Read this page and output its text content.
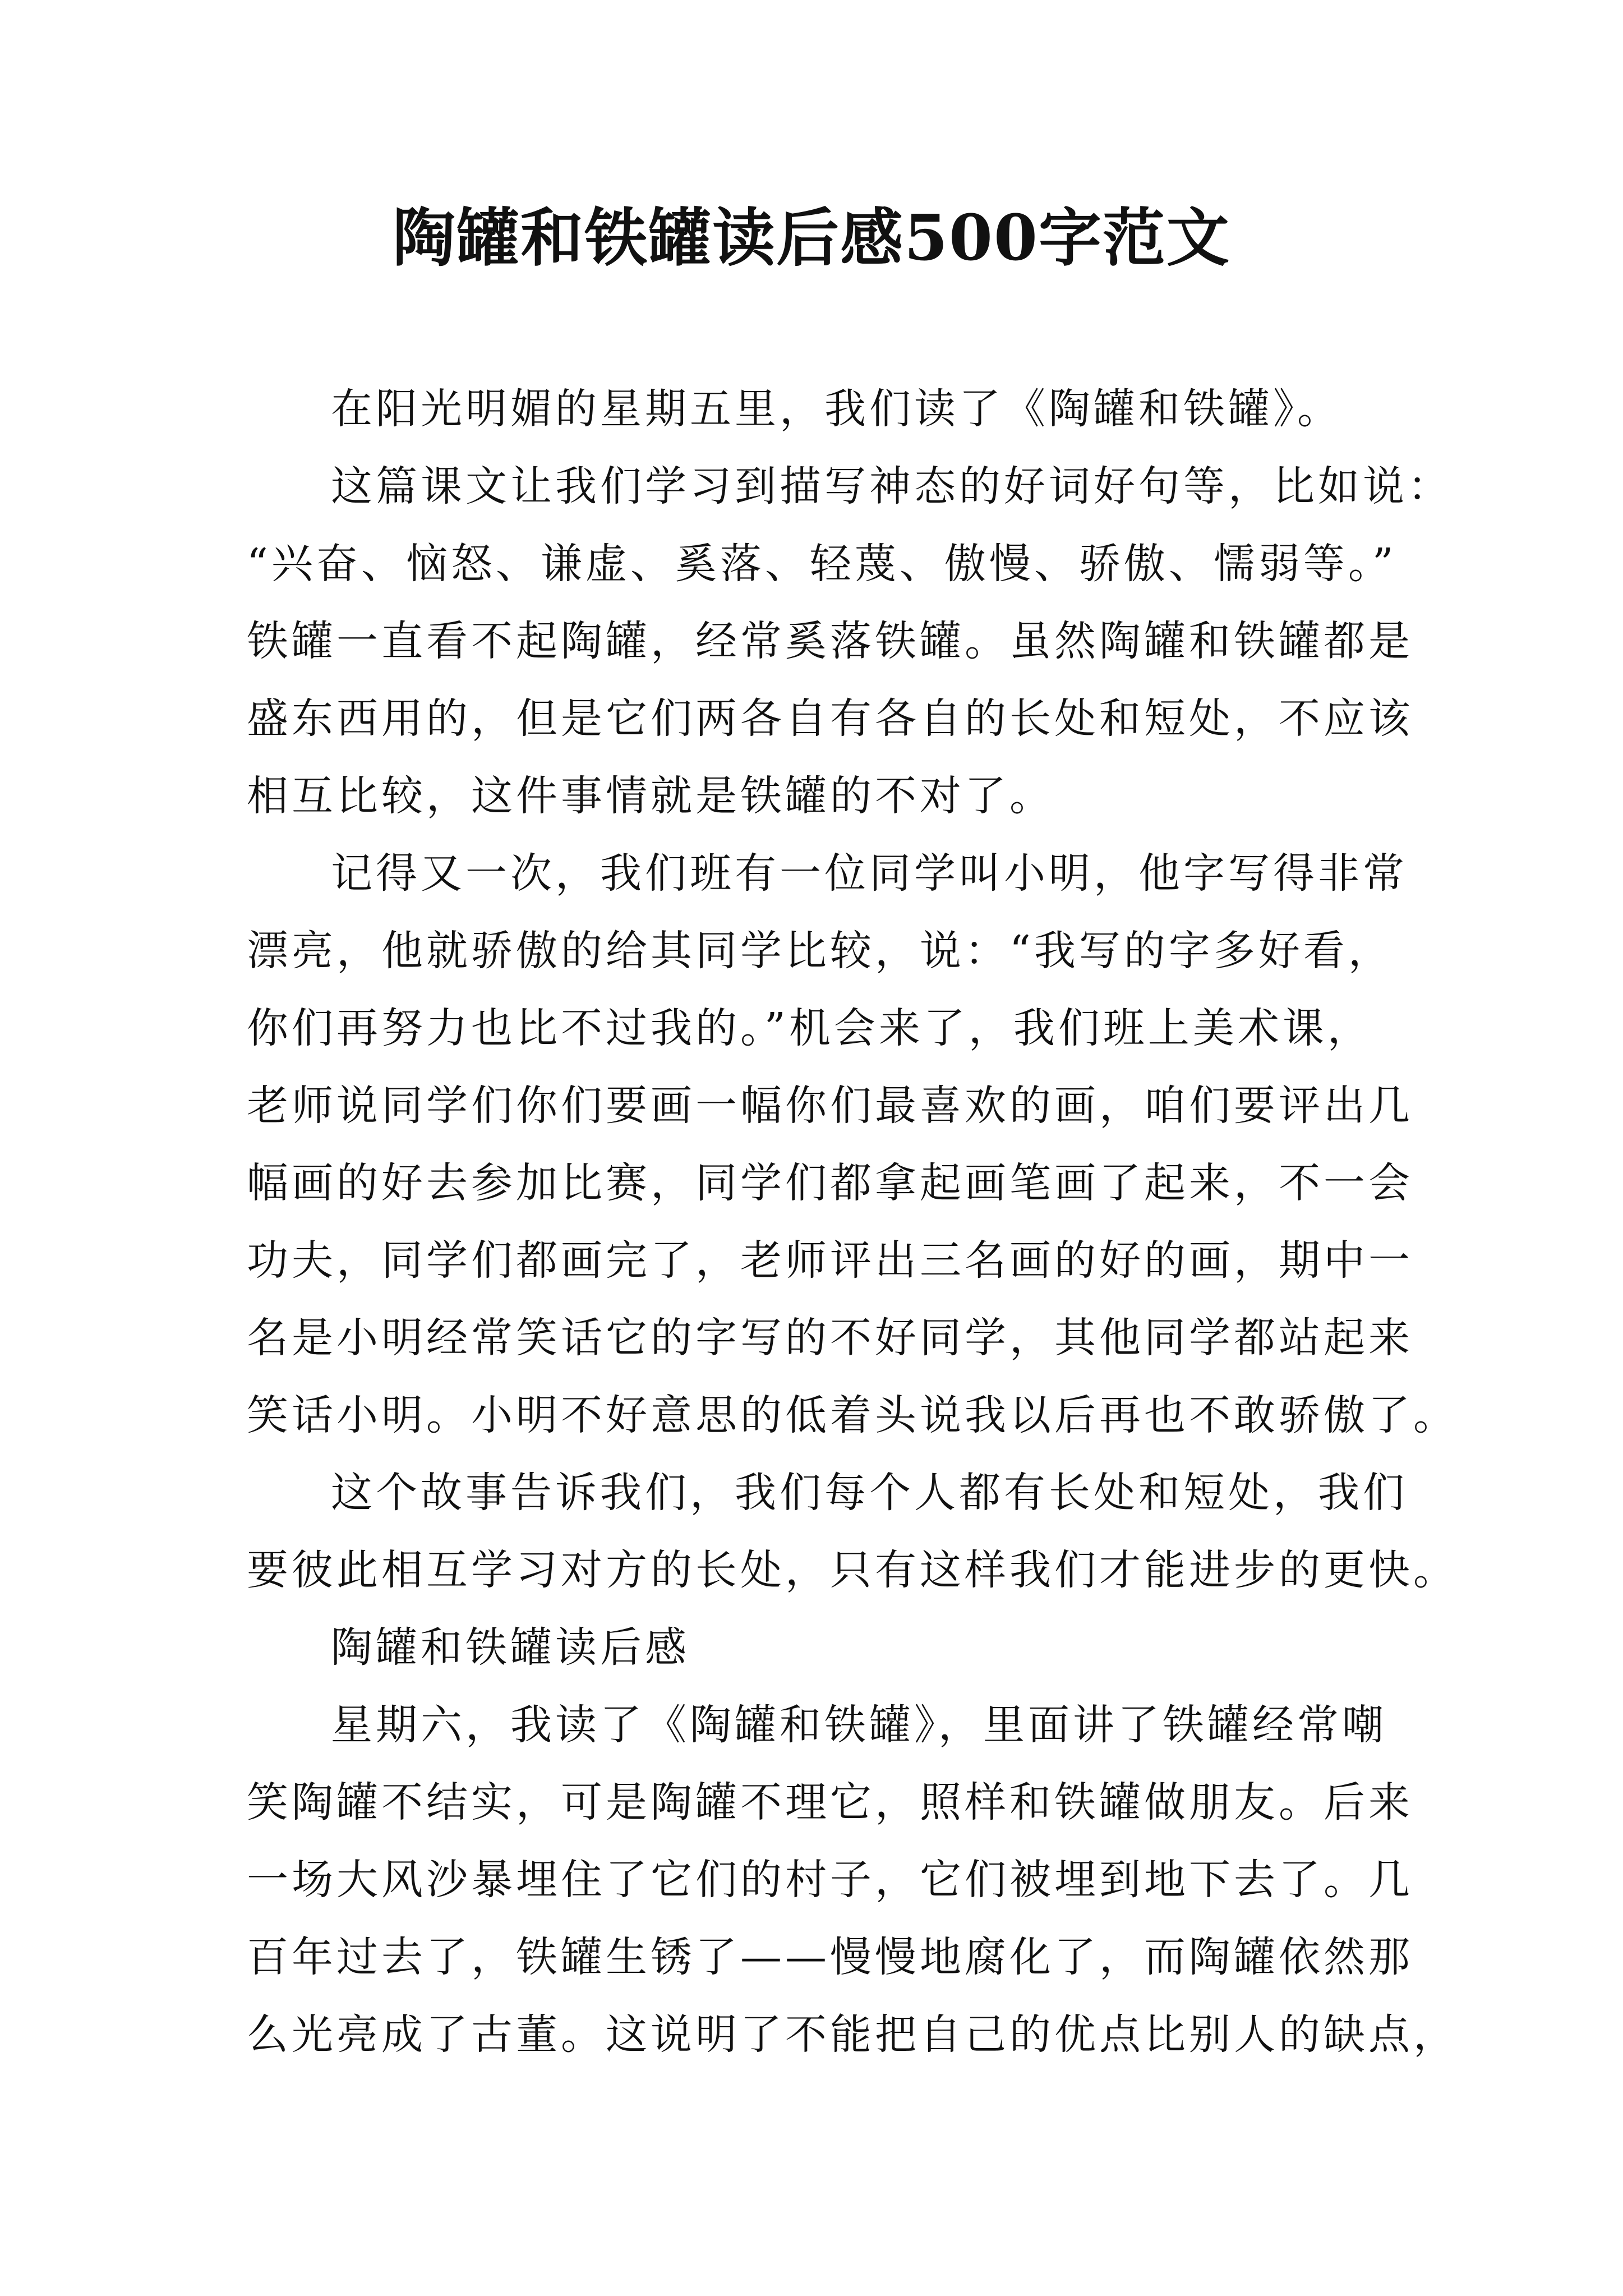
陶罐和铁罐读后感500字范文
在阳光明媚的星期五里，我们读了《陶罐和铁罐》。
这篇课文让我们学习到描写神态的好词好句等，比如说：
“兴奋、恼怒、谦虚、奚落、轻蔑、傲慢、骄傲、懦弱等。”
铁罐一直看不起陶罐，经常奚落铁罐。虽然陶罐和铁罐都是
盛东西用的，但是它们两各自有各自的长处和短处，不应该
相互比较，这件事情就是铁罐的不对了。
记得又一次，我们班有一位同学叫小明，他字写得非常
漂亮，他就骄傲的给其同学比较，说：“我写的字多好看，
你们再努力也比不过我的。”机会来了，我们班上美术课，
老师说同学们你们要画一幅你们最喜欢的画，咱们要评出几
幅画的好去参加比赛，同学们都拿起画笔画了起来，不一会
功夫，同学们都画完了，老师评出三名画的好的画，期中一
名是小明经常笑话它的字写的不好同学，其他同学都站起来
笑话小明。小明不好意思的低着头说我以后再也不敢骄傲了。
这个故事告诉我们，我们每个人都有长处和短处，我们
要彼此相互学习对方的长处，只有这样我们才能进步的更快。
陶罐和铁罐读后感
星期六，我读了《陶罐和铁罐》，里面讲了铁罐经常嘲
笑陶罐不结实，可是陶罐不理它，照样和铁罐做朋友。后来
一场大风沙暴埋住了它们的村子，它们被埋到地下去了。几
百年过去了，铁罐生锈了——慢慢地腐化了，而陶罐依然那
么光亮成了古董。这说明了不能把自己的优点比别人的缺点，
